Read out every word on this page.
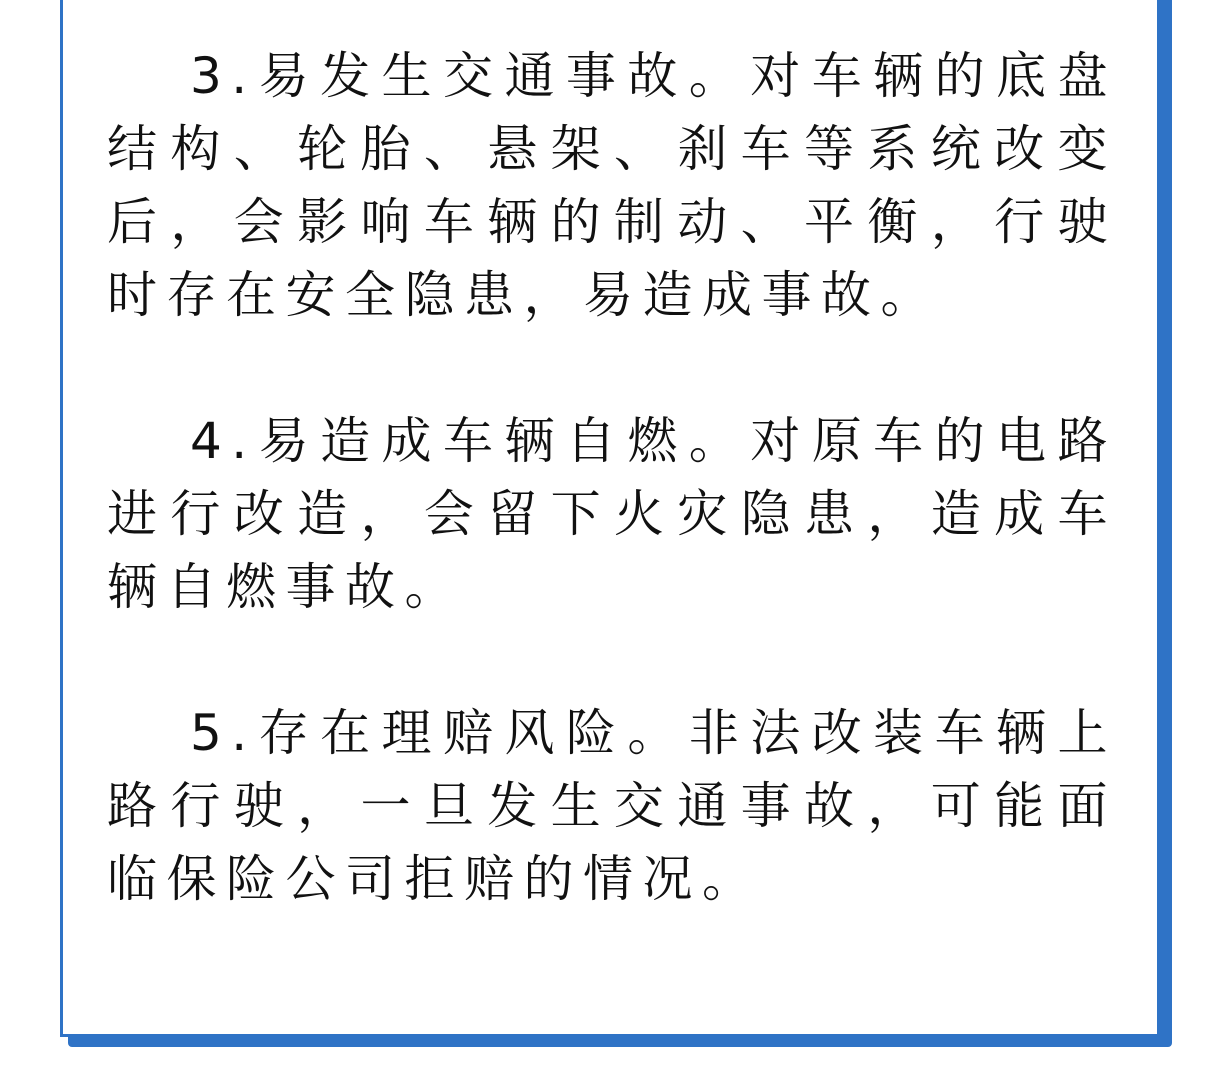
3.易发生交通事故。对车辆的底盘结构、轮胎、悬架、刹车等系统改变后，会影响车辆的制动、平衡，行驶时存在安全隐患，易造成事故。

4.易造成车辆自燃。对原车的电路进行改造，会留下火灾隐患，造成车辆自燃事故。

5.存在理赔风险。非法改装车辆上路行驶，一旦发生交通事故，可能面临保险公司拒赔的情况。
